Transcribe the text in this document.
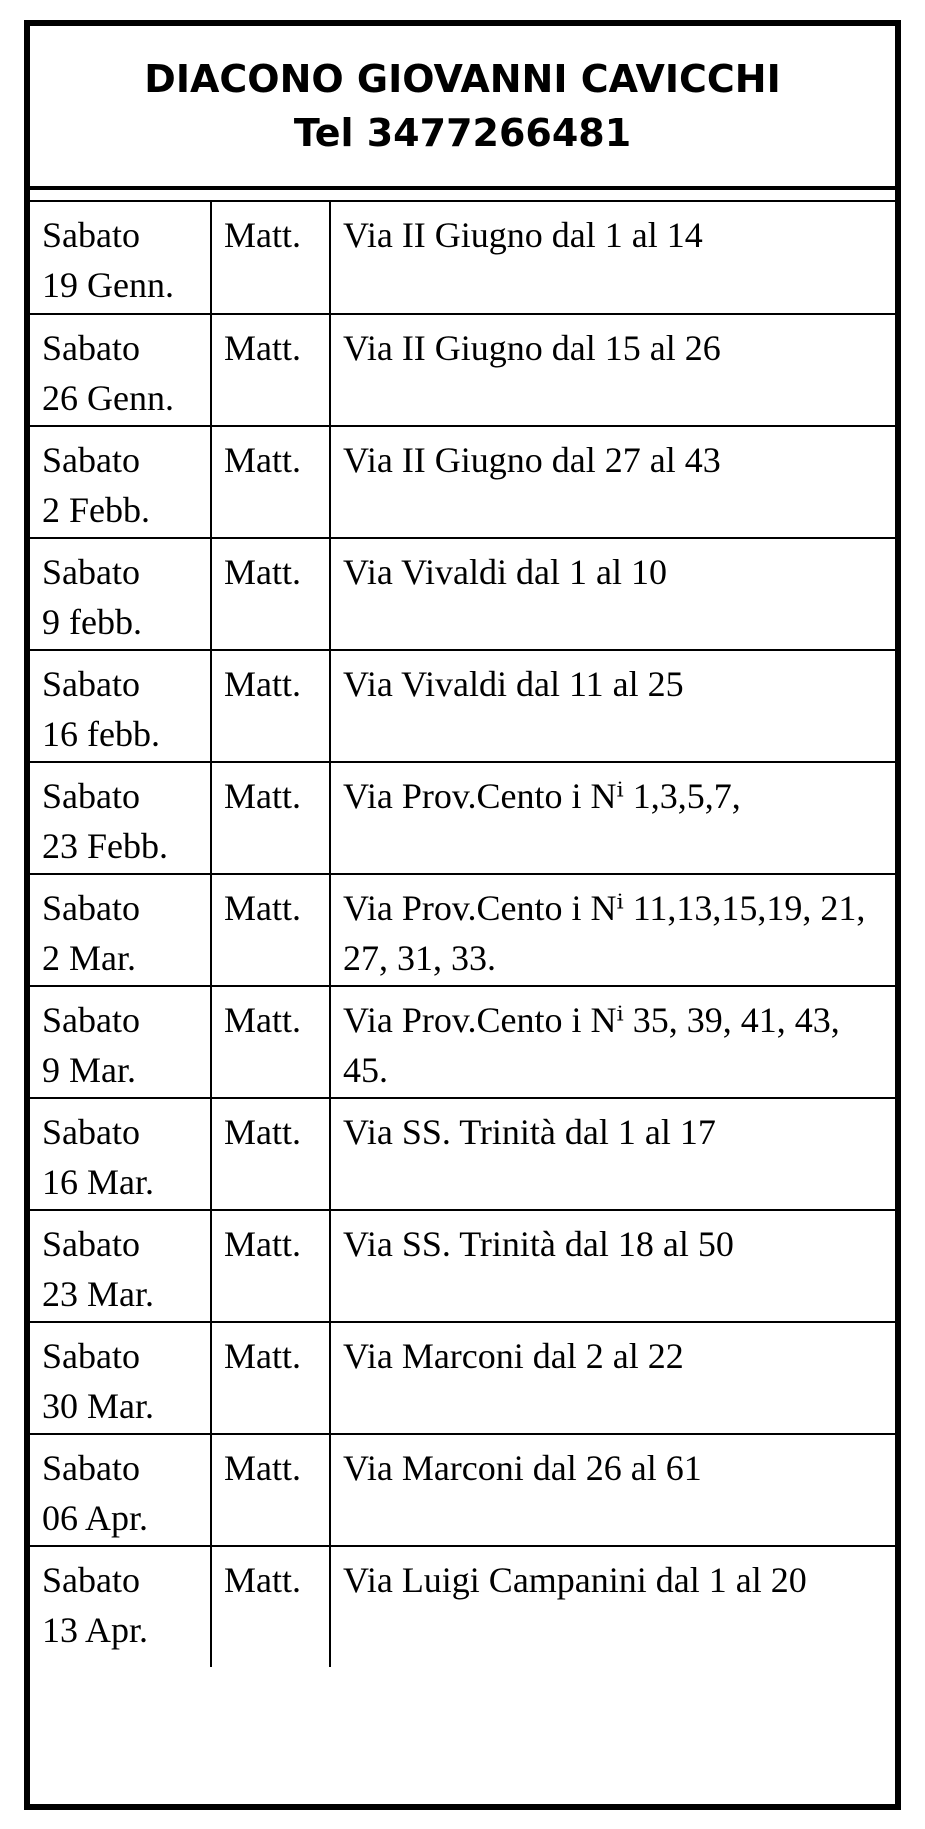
DIACONO GIOVANNI CAVICCHI
Tel 3477266481
Sabato
19 Genn.	Matt.	Via II Giugno dal 1 al 14

Sabato
26 Genn.	Matt.	Via II Giugno dal 15 al 26

Sabato
2 Febb.	Matt.	Via II Giugno dal 27 al 43

Sabato
9 febb.	Matt.	Via Vivaldi dal 1 al 10

Sabato
16 febb.	Matt.	Via Vivaldi dal 11 al 25

Sabato
23 Febb.	Matt.	Via Prov.Cento i Nⁱ 1,3,5,7,

Sabato
2 Mar.	Matt.	Via Prov.Cento i Nⁱ 11,13,15,19, 21, 27, 31, 33.

Sabato
9 Mar.	Matt.	Via Prov.Cento i Nⁱ 35, 39, 41, 43, 45.

Sabato
16 Mar.	Matt.	Via SS. Trinità dal 1 al 17

Sabato
23 Mar.	Matt.	Via SS. Trinità dal 18 al 50

Sabato
30 Mar.	Matt.	Via Marconi dal 2 al 22

Sabato
06 Apr.	Matt.	Via Marconi dal 26 al 61

Sabato
13 Apr.	Matt.	Via Luigi Campanini dal 1 al 20
